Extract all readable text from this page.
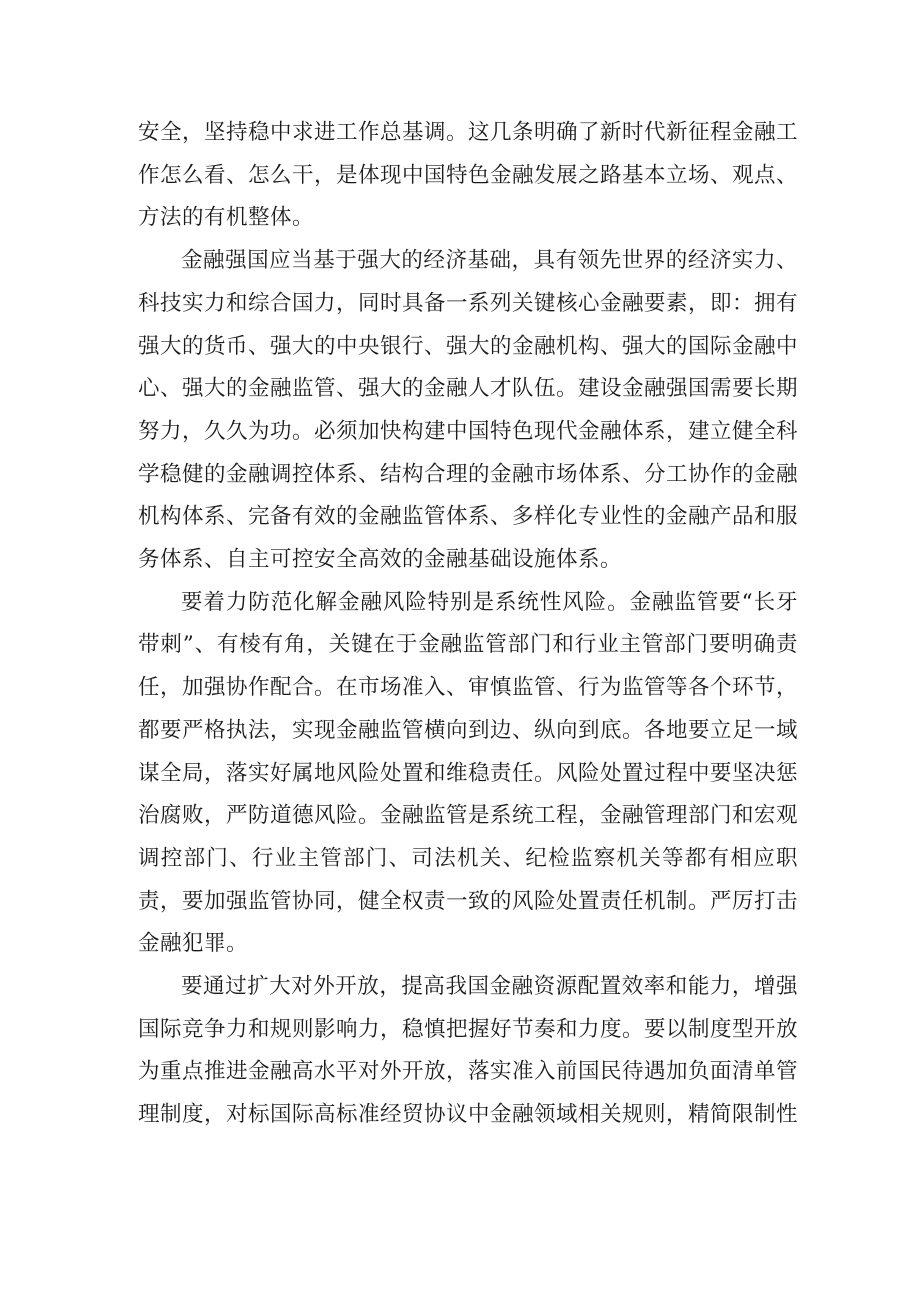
安全，坚持稳中求进工作总基调。这几条明确了新时代新征程金融工作怎么看、怎么干，是体现中国特色金融发展之路基本立场、观点、方法的有机整体。

金融强国应当基于强大的经济基础，具有领先世界的经济实力、科技实力和综合国力，同时具备一系列关键核心金融要素，即：拥有强大的货币、强大的中央银行、强大的金融机构、强大的国际金融中心、强大的金融监管、强大的金融人才队伍。建设金融强国需要长期努力，久久为功。必须加快构建中国特色现代金融体系，建立健全科学稳健的金融调控体系、结构合理的金融市场体系、分工协作的金融机构体系、完备有效的金融监管体系、多样化专业性的金融产品和服务体系、自主可控安全高效的金融基础设施体系。

要着力防范化解金融风险特别是系统性风险。金融监管要“长牙带刺”、有棱有角，关键在于金融监管部门和行业主管部门要明确责任，加强协作配合。在市场准入、审慎监管、行为监管等各个环节，都要严格执法，实现金融监管横向到边、纵向到底。各地要立足一域谋全局，落实好属地风险处置和维稳责任。风险处置过程中要坚决惩治腐败，严防道德风险。金融监管是系统工程，金融管理部门和宏观调控部门、行业主管部门、司法机关、纪检监察机关等都有相应职责，要加强监管协同，健全权责一致的风险处置责任机制。严厉打击金融犯罪。

要通过扩大对外开放，提高我国金融资源配置效率和能力，增强国际竞争力和规则影响力，稳慎把握好节奏和力度。要以制度型开放为重点推进金融高水平对外开放，落实准入前国民待遇加负面清单管理制度，对标国际高标准经贸协议中金融领域相关规则，精简限制性
